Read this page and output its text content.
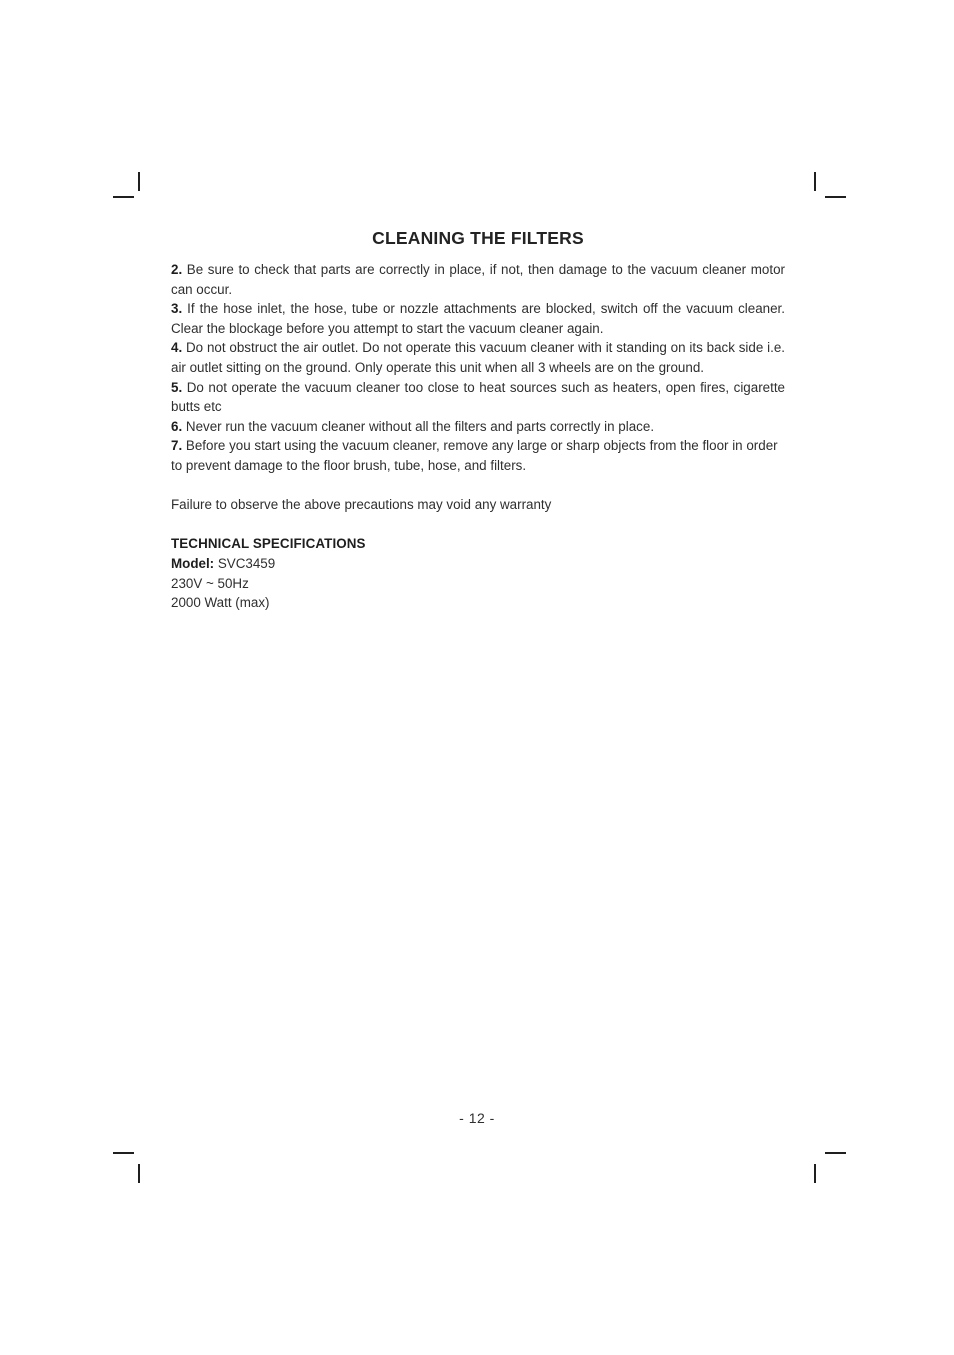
CLEANING THE FILTERS

2. Be sure to check that parts are correctly in place, if not, then damage to the vacuum cleaner motor can occur.

3. If the hose inlet, the hose, tube or nozzle attachments are blocked, switch off the vacuum cleaner. Clear the blockage before you attempt to start the vacuum cleaner again.

4. Do not obstruct the air outlet. Do not operate this vacuum cleaner with it standing on its back side i.e. air outlet sitting on the ground. Only operate this unit when all 3 wheels are on the ground.

5. Do not operate the vacuum cleaner too close to heat sources such as heaters, open fires, cigarette butts etc

6. Never run the vacuum cleaner without all the filters and parts correctly in place.

7. Before you start using the vacuum cleaner, remove any large or sharp objects from the floor in order to prevent damage to the floor brush, tube, hose, and filters.

Failure to observe the above precautions may void any warranty

TECHNICAL SPECIFICATIONS
Model: SVC3459
230V ~ 50Hz
2000 Watt (max)
- 12 -
